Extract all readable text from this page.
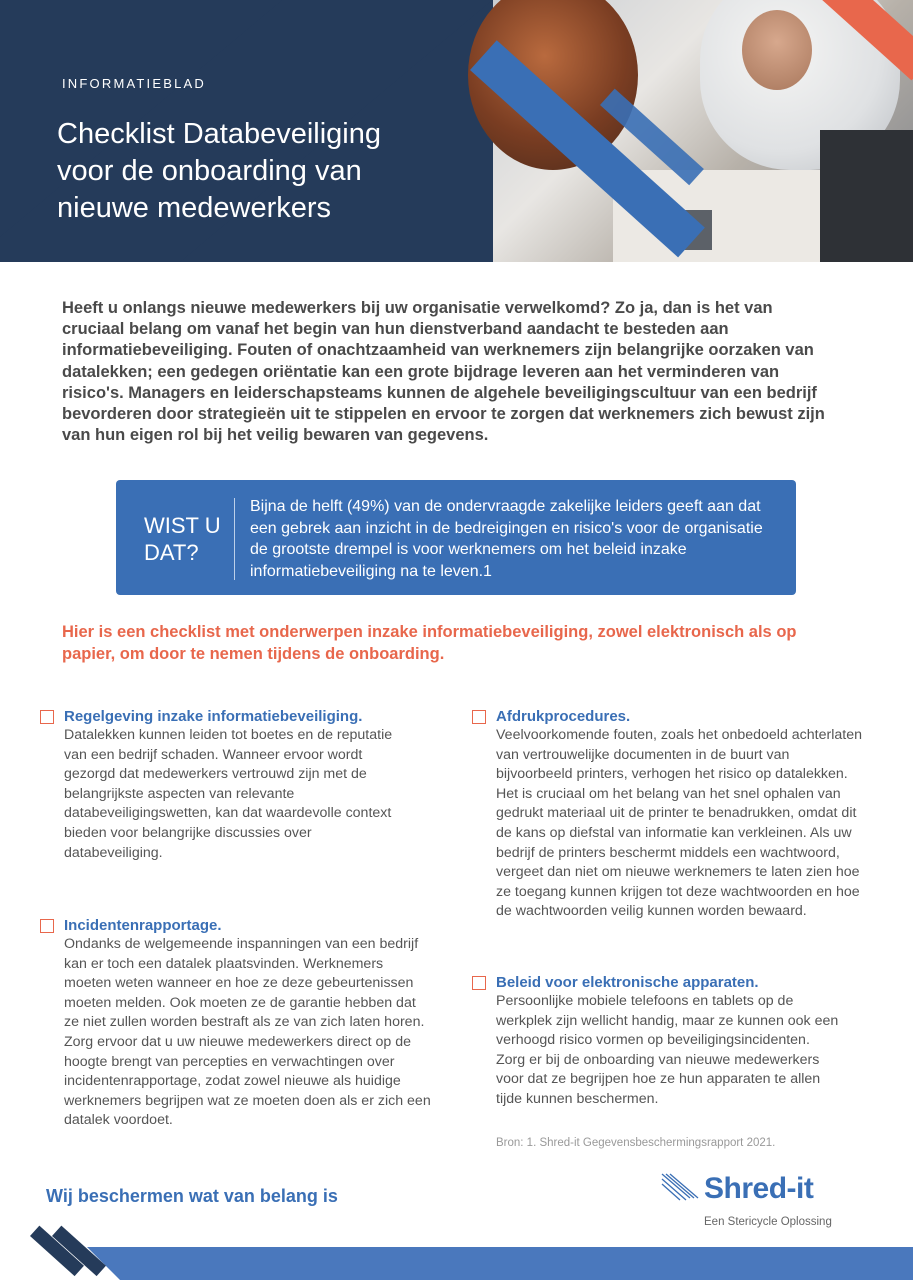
INFORMATIEBLAD
Checklist Databeveiliging voor de onboarding van nieuwe medewerkers

Heeft u onlangs nieuwe medewerkers bij uw organisatie verwelkomd? Zo ja, dan is het van cruciaal belang om vanaf het begin van hun dienstverband aandacht te besteden aan informatiebeveiliging. Fouten of onachtzaamheid van werknemers zijn belangrijke oorzaken van datalekken; een gedegen oriëntatie kan een grote bijdrage leveren aan het verminderen van risico's. Managers en leiderschapsteams kunnen de algehele beveiligingscultuur van een bedrijf bevorderen door strategieën uit te stippelen en ervoor te zorgen dat werknemers zich bewust zijn van hun eigen rol bij het veilig bewaren van gegevens.

WIST U DAT?
Bijna de helft (49%) van de ondervraagde zakelijke leiders geeft aan dat een gebrek aan inzicht in de bedreigingen en risico's voor de organisatie de grootste drempel is voor werknemers om het beleid inzake informatiebeveiliging na te leven.1

Hier is een checklist met onderwerpen inzake informatiebeveiliging, zowel elektronisch als op papier, om door te nemen tijdens de onboarding.

Regelgeving inzake informatiebeveiliging.

Datalekken kunnen leiden tot boetes en de reputatie van een bedrijf schaden. Wanneer ervoor wordt gezorgd dat medewerkers vertrouwd zijn met de belangrijkste aspecten van relevante databeveiligingswetten, kan dat waardevolle context bieden voor belangrijke discussies over databeveiliging.

Incidentenrapportage.

Ondanks de welgemeende inspanningen van een bedrijf kan er toch een datalek plaatsvinden. Werknemers moeten weten wanneer en hoe ze deze gebeurtenissen moeten melden. Ook moeten ze de garantie hebben dat ze niet zullen worden bestraft als ze van zich laten horen. Zorg ervoor dat u uw nieuwe medewerkers direct op de hoogte brengt van percepties en verwachtingen over incidentenrapportage, zodat zowel nieuwe als huidige werknemers begrijpen wat ze moeten doen als er zich een datalek voordoet.

Afdrukprocedures.

Veelvoorkomende fouten, zoals het onbedoeld achterlaten van vertrouwelijke documenten in de buurt van bijvoorbeeld printers, verhogen het risico op datalekken. Het is cruciaal om het belang van het snel ophalen van gedrukt materiaal uit de printer te benadrukken, omdat dit de kans op diefstal van informatie kan verkleinen. Als uw bedrijf de printers beschermt middels een wachtwoord, vergeet dan niet om nieuwe werknemers te laten zien hoe ze toegang kunnen krijgen tot deze wachtwoorden en hoe de wachtwoorden veilig kunnen worden bewaard.

Beleid voor elektronische apparaten.

Persoonlijke mobiele telefoons en tablets op de werkplek zijn wellicht handig, maar ze kunnen ook een verhoogd risico vormen op beveiligingsincidenten. Zorg er bij de onboarding van nieuwe medewerkers voor dat ze begrijpen hoe ze hun apparaten te allen tijde kunnen beschermen.

Bron: 1. Shred-it Gegevensbeschermingsrapport 2021.
Wij beschermen wat van belang is	Shred-it
Een Stericycle Oplossing
